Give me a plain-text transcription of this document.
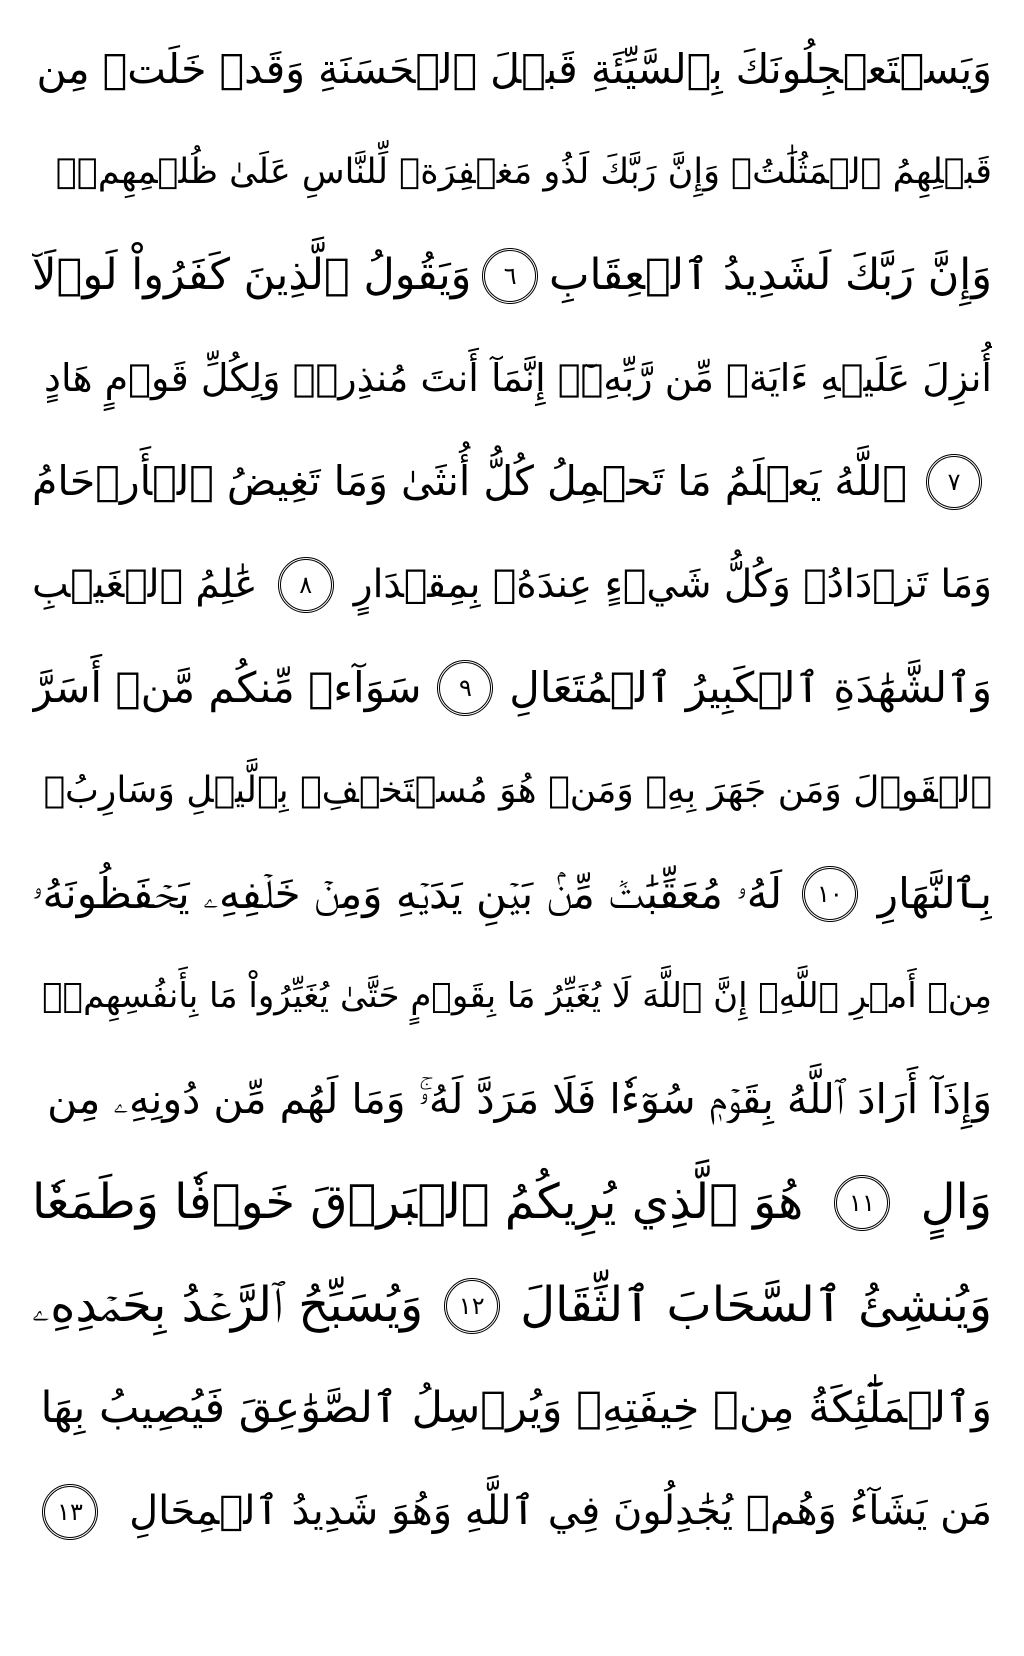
وَيَسۡتَعۡجِلُونَكَ بِٱلسَّيِّئَةِ قَبۡلَ ٱلۡحَسَنَةِ وَقَدۡ خَلَتۡ مِن
قَبۡلِهِمُ ٱلۡمَثُلَٰتُۗ وَإِنَّ رَبَّكَ لَذُو مَغۡفِرَةٖ لِّلنَّاسِ عَلَىٰ ظُلۡمِهِمۡۖ
وَإِنَّ رَبَّكَ لَشَدِيدُ ٱلۡعِقَابِ
٦
وَيَقُولُ ٱلَّذِينَ كَفَرُواْ لَوۡلَآ
أُنزِلَ عَلَيۡهِ ءَايَةٞ مِّن رَّبِّهِۦٓۗ إِنَّمَآ أَنتَ مُنذِرٞۖ وَلِكُلِّ قَوۡمٍ هَادٍ
٧
ٱللَّهُ يَعۡلَمُ مَا تَحۡمِلُ كُلُّ أُنثَىٰ وَمَا تَغِيضُ ٱلۡأَرۡحَامُ
وَمَا تَزۡدَادُۖ وَكُلُّ شَيۡءٍ عِندَهُۥ بِمِقۡدَارٍ
٨
عَٰلِمُ ٱلۡغَيۡبِ
وَٱلشَّهَٰدَةِ ٱلۡكَبِيرُ ٱلۡمُتَعَالِ
٩
سَوَآءٞ مِّنكُم مَّنۡ أَسَرَّ
ٱلۡقَوۡلَ وَمَن جَهَرَ بِهِۦ وَمَنۡ هُوَ مُسۡتَخۡفِۭ بِٱلَّيۡلِ وَسَارِبُۢ
بِٱلنَّهَارِ
١٠
لَهُۥ مُعَقِّبَٰتٞ مِّنۢ بَيۡنِ يَدَيۡهِ وَمِنۡ خَلۡفِهِۦ يَحۡفَظُونَهُۥ
مِنۡ أَمۡرِ ٱللَّهِۗ إِنَّ ٱللَّهَ لَا يُغَيِّرُ مَا بِقَوۡمٍ حَتَّىٰ يُغَيِّرُواْ مَا بِأَنفُسِهِمۡۗ
وَإِذَآ أَرَادَ ٱللَّهُ بِقَوۡمٖ سُوٓءٗا فَلَا مَرَدَّ لَهُۥۚ وَمَا لَهُم مِّن دُونِهِۦ مِن
وَالٍ
١١
هُوَ ٱلَّذِي يُرِيكُمُ ٱلۡبَرۡقَ خَوۡفٗا وَطَمَعٗا
وَيُنشِئُ ٱلسَّحَابَ ٱلثِّقَالَ
١٢
وَيُسَبِّحُ ٱلرَّعۡدُ بِحَمۡدِهِۦ
وَٱلۡمَلَٰٓئِكَةُ مِنۡ خِيفَتِهِۦ وَيُرۡسِلُ ٱلصَّوَٰعِقَ فَيُصِيبُ بِهَا
مَن يَشَآءُ وَهُمۡ يُجَٰدِلُونَ فِي ٱللَّهِ وَهُوَ شَدِيدُ ٱلۡمِحَالِ
١٣
